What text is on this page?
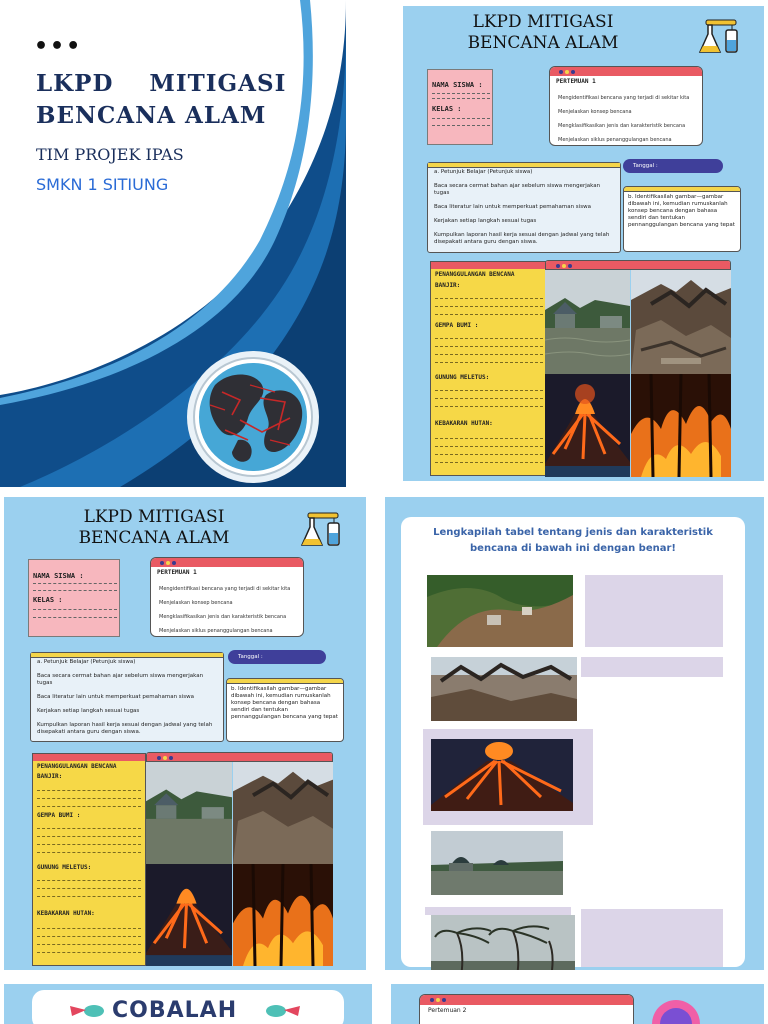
•••
LKPD    MITIGASI
BENCANA ALAM
TIM PROJEK IPAS
SMKN 1 SITIUNG
LKPD MITIGASI
BENCANA ALAM
NAMA SISWA :
KELAS :
PERTEMUAN 1
Mengidentifikasi bencana yang terjadi di sekitar kita
Menjelaskan konsep bencana
Mengklasifikasikan jenis dan karakteristik bencana
Menjelaskan siklus penanggulangan bencana
a. Petunjuk Belajar (Petunjuk siswa)
Baca secara cermat bahan ajar sebelum siswa mengerjakan tugas
Baca literatur lain untuk memperkuat pemahaman siswa
Kerjakan setiap langkah sesuai tugas
Kumpulkan laporan hasil kerja sesuai dengan jadwal yang telah disepakati antara guru dengan siswa.
Tanggal :
b. Identifikasilah gambar—gambar dibawah ini, kemudian rumuskanlah konsep bencana dengan bahasa sendiri dan tentukan pennanggulangan bencana yang tepat
PENANGGULANGAN BENCANA
BANJIR:
GEMPA BUMI :
GUNUNG MELETUS:
KEBAKARAN HUTAN:
LKPD MITIGASI
BENCANA ALAM
NAMA SISWA :
KELAS :
PERTEMUAN 1
Mengidentifikasi bencana yang terjadi di sekitar kita
Menjelaskan konsep bencana
Mengklasifikasikan jenis dan karakteristik bencana
Menjelaskan siklus penanggulangan bencana
a. Petunjuk Belajar (Petunjuk siswa)
Baca secara cermat bahan ajar sebelum siswa mengerjakan tugas
Baca literatur lain untuk memperkuat pemahaman siswa
Kerjakan setiap langkah sesuai tugas
Kumpulkan laporan hasil kerja sesuai dengan jadwal yang telah disepakati antara guru dengan siswa.
Tanggal :
b. Identifikasilah gambar—gambar dibawah ini, kemudian rumuskanlah konsep bencana dengan bahasa sendiri dan tentukan pennanggulangan bencana yang tepat
PENANGGULANGAN BENCANA
BANJIR:
GEMPA BUMI :
GUNUNG MELETUS:
KEBAKARAN HUTAN:
Lengkapilah tabel tentang jenis dan karakteristik
bencana di bawah ini dengan benar!
COBALAH	Pertemuan 2
